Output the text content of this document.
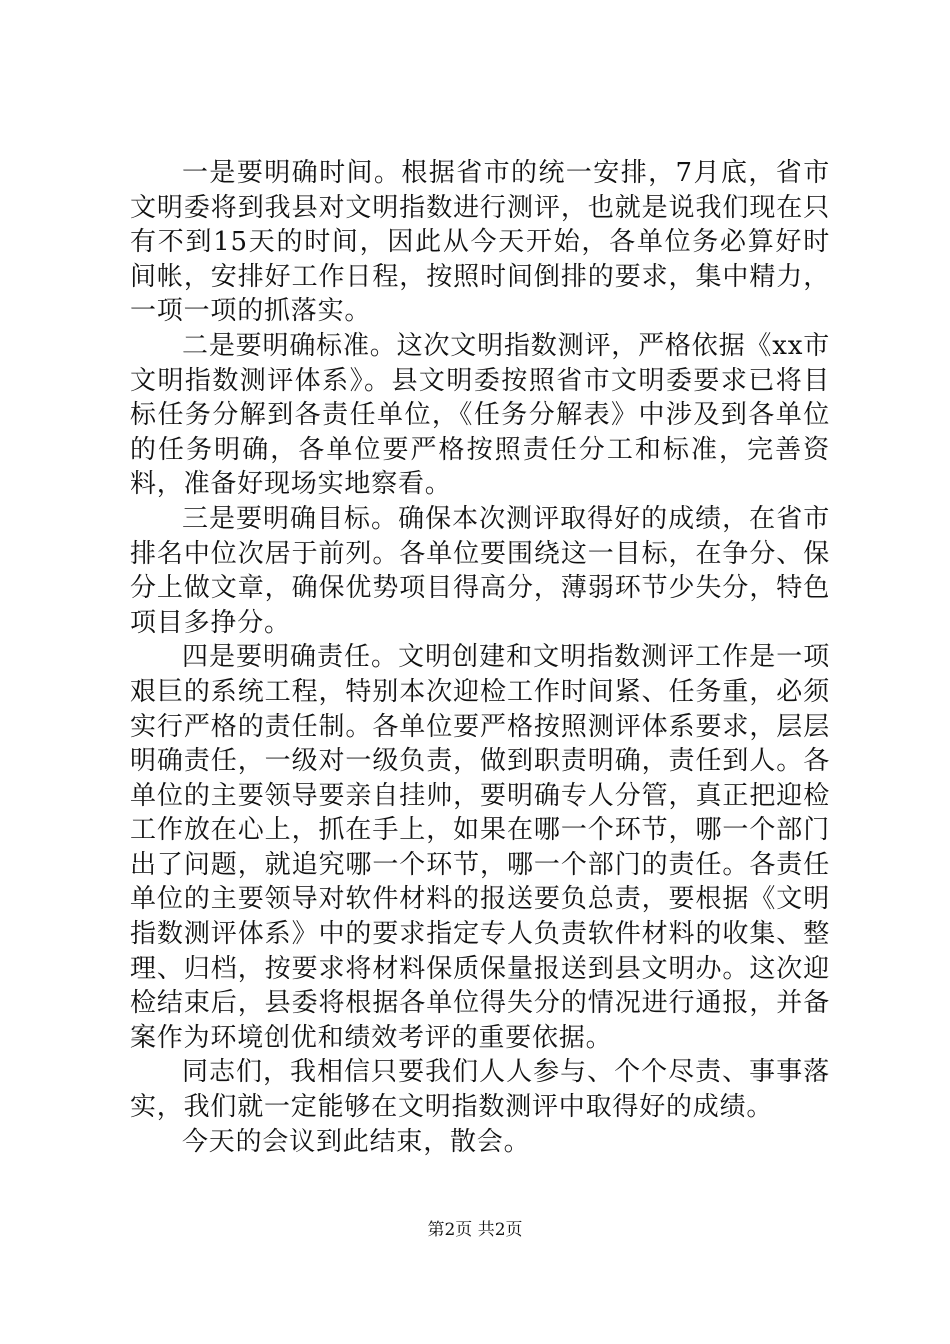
一是要明确时间。根据省市的统一安排，7月底，省市文明委将到我县对文明指数进行测评，也就是说我们现在只有不到15天的时间，因此从今天开始，各单位务必算好时间帐，安排好工作日程，按照时间倒排的要求，集中精力，一项一项的抓落实。

二是要明确标准。这次文明指数测评，严格依据《xx市文明指数测评体系》。县文明委按照省市文明委要求已将目标任务分解到各责任单位，《任务分解表》中涉及到各单位的任务明确，各单位要严格按照责任分工和标准，完善资料，准备好现场实地察看。

三是要明确目标。确保本次测评取得好的成绩，在省市排名中位次居于前列。各单位要围绕这一目标，在争分、保分上做文章，确保优势项目得高分，薄弱环节少失分，特色项目多挣分。

四是要明确责任。文明创建和文明指数测评工作是一项艰巨的系统工程，特别本次迎检工作时间紧、任务重，必须实行严格的责任制。各单位要严格按照测评体系要求，层层明确责任，一级对一级负责，做到职责明确，责任到人。各单位的主要领导要亲自挂帅，要明确专人分管，真正把迎检工作放在心上，抓在手上，如果在哪一个环节，哪一个部门出了问题，就追究哪一个环节，哪一个部门的责任。各责任单位的主要领导对软件材料的报送要负总责，要根据《文明指数测评体系》中的要求指定专人负责软件材料的收集、整理、归档，按要求将材料保质保量报送到县文明办。这次迎检结束后，县委将根据各单位得失分的情况进行通报，并备案作为环境创优和绩效考评的重要依据。

同志们，我相信只要我们人人参与、个个尽责、事事落实，我们就一定能够在文明指数测评中取得好的成绩。

今天的会议到此结束，散会。

第2页 共2页
